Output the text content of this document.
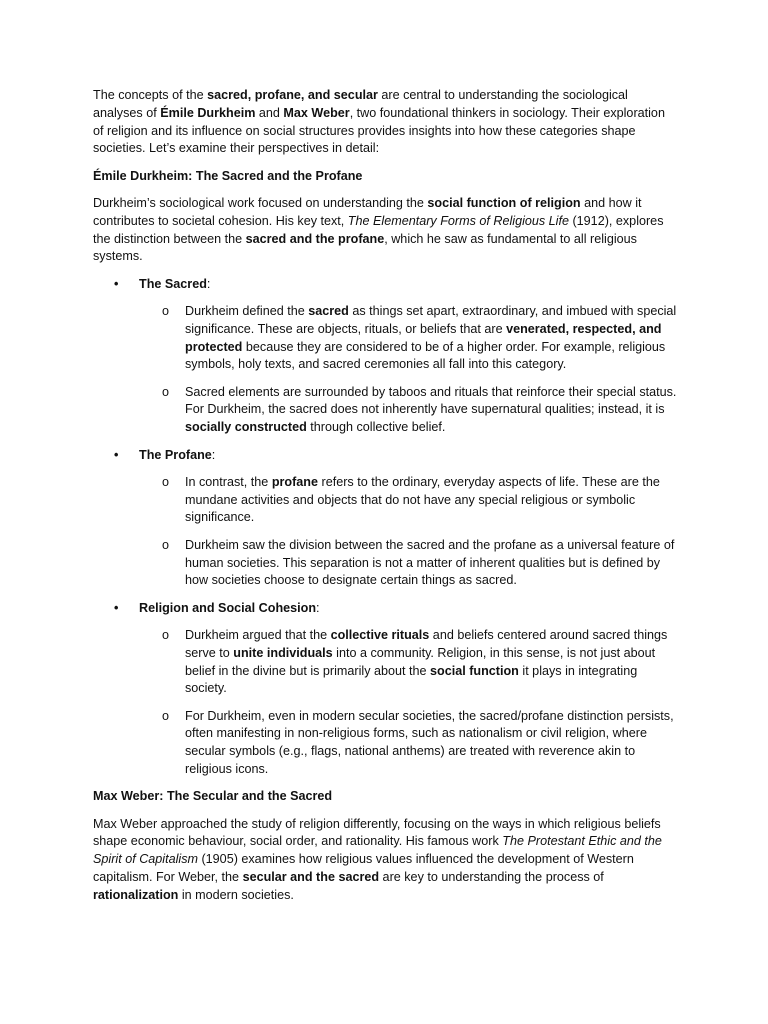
The concepts of the sacred, profane, and secular are central to understanding the sociological analyses of Émile Durkheim and Max Weber, two foundational thinkers in sociology. Their exploration of religion and its influence on social structures provides insights into how these categories shape societies. Let’s examine their perspectives in detail:

Émile Durkheim: The Sacred and the Profane

Durkheim’s sociological work focused on understanding the social function of religion and how it contributes to societal cohesion. His key text, The Elementary Forms of Religious Life (1912), explores the distinction between the sacred and the profane, which he saw as fundamental to all religious systems.

• The Sacred:

o Durkheim defined the sacred as things set apart, extraordinary, and imbued with special significance. These are objects, rituals, or beliefs that are venerated, respected, and protected because they are considered to be of a higher order. For example, religious symbols, holy texts, and sacred ceremonies all fall into this category.

o Sacred elements are surrounded by taboos and rituals that reinforce their special status. For Durkheim, the sacred does not inherently have supernatural qualities; instead, it is socially constructed through collective belief.

• The Profane:

o In contrast, the profane refers to the ordinary, everyday aspects of life. These are the mundane activities and objects that do not have any special religious or symbolic significance.

o Durkheim saw the division between the sacred and the profane as a universal feature of human societies. This separation is not a matter of inherent qualities but is defined by how societies choose to designate certain things as sacred.

• Religion and Social Cohesion:

o Durkheim argued that the collective rituals and beliefs centered around sacred things serve to unite individuals into a community. Religion, in this sense, is not just about belief in the divine but is primarily about the social function it plays in integrating society.

o For Durkheim, even in modern secular societies, the sacred/profane distinction persists, often manifesting in non-religious forms, such as nationalism or civil religion, where secular symbols (e.g., flags, national anthems) are treated with reverence akin to religious icons.

Max Weber: The Secular and the Sacred

Max Weber approached the study of religion differently, focusing on the ways in which religious beliefs shape economic behaviour, social order, and rationality. His famous work The Protestant Ethic and the Spirit of Capitalism (1905) examines how religious values influenced the development of Western capitalism. For Weber, the secular and the sacred are key to understanding the process of rationalization in modern societies.
